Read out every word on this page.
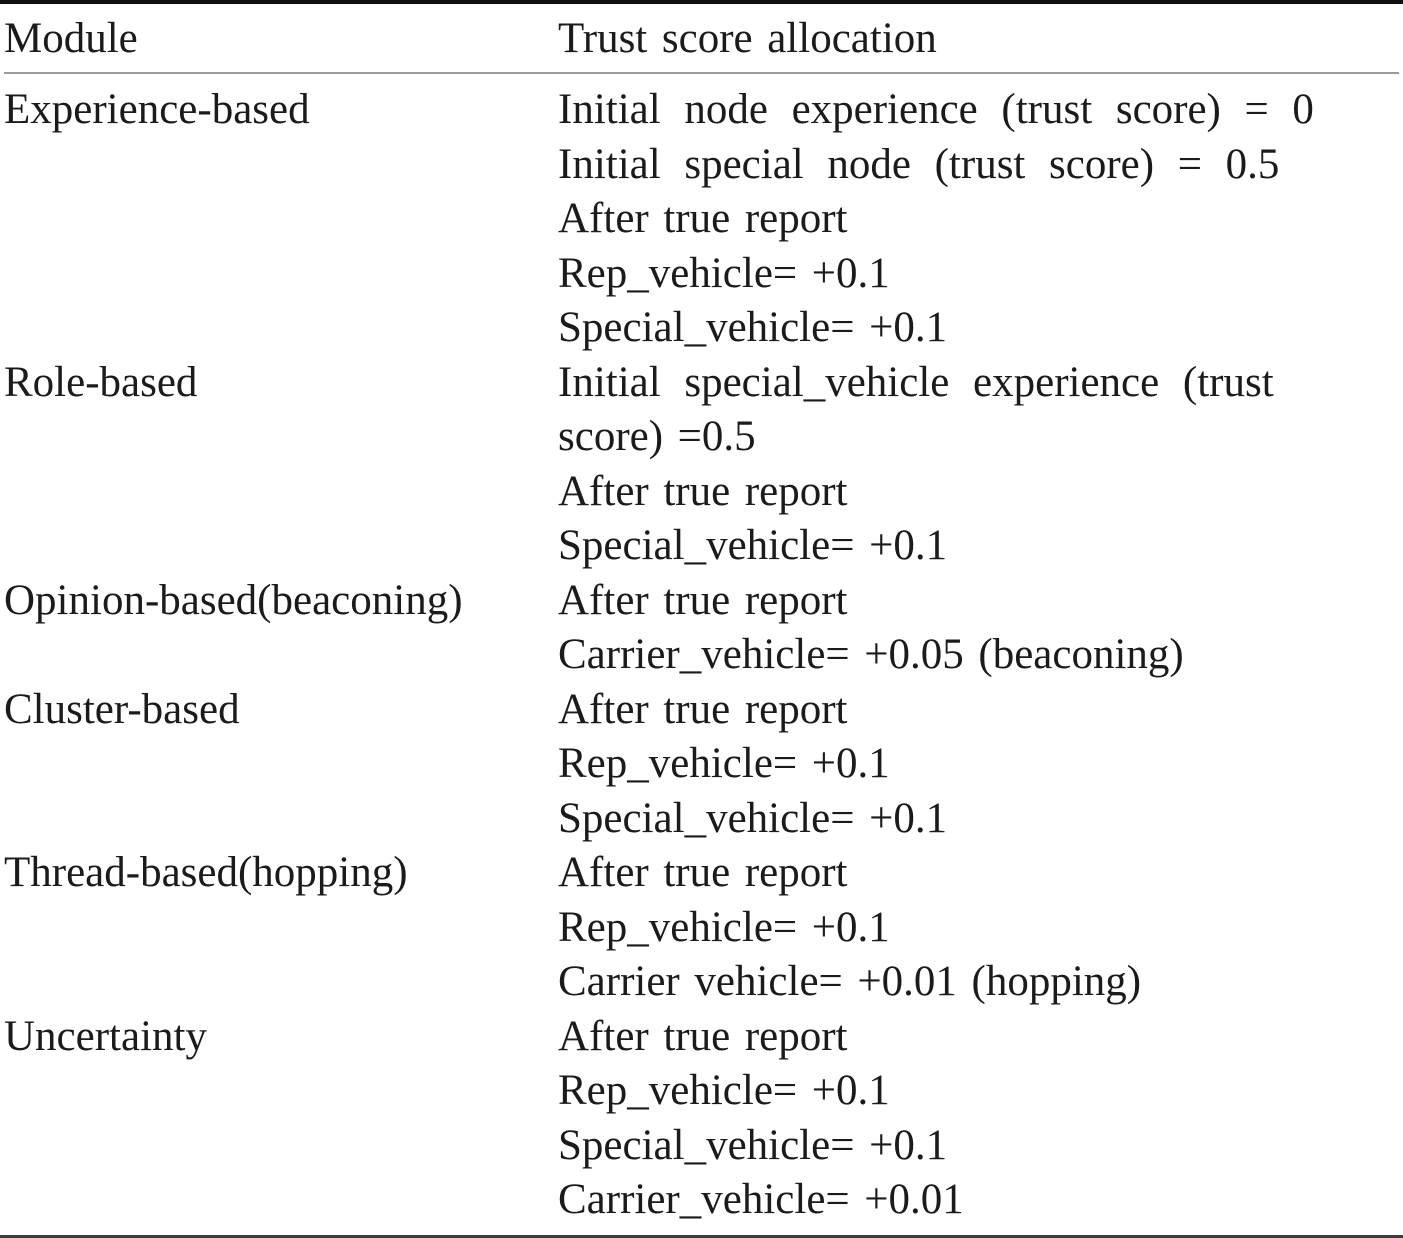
Module	Trust score allocation
Experience-based	Initial node experience (trust score) = 0
Initial special node (trust score) = 0.5
After true report
Rep_vehicle= +0.1
Special_vehicle= +0.1
Role-based	Initial special_vehicle experience (trust
score) =0.5
After true report
Special_vehicle= +0.1
Opinion-based(beaconing)	After true report
Carrier_vehicle= +0.05 (beaconing)
Cluster-based	After true report
Rep_vehicle= +0.1
Special_vehicle= +0.1
Thread-based(hopping)	After true report
Rep_vehicle= +0.1
Carrier vehicle= +0.01 (hopping)
Uncertainty	After true report
Rep_vehicle= +0.1
Special_vehicle= +0.1
Carrier_vehicle= +0.01
